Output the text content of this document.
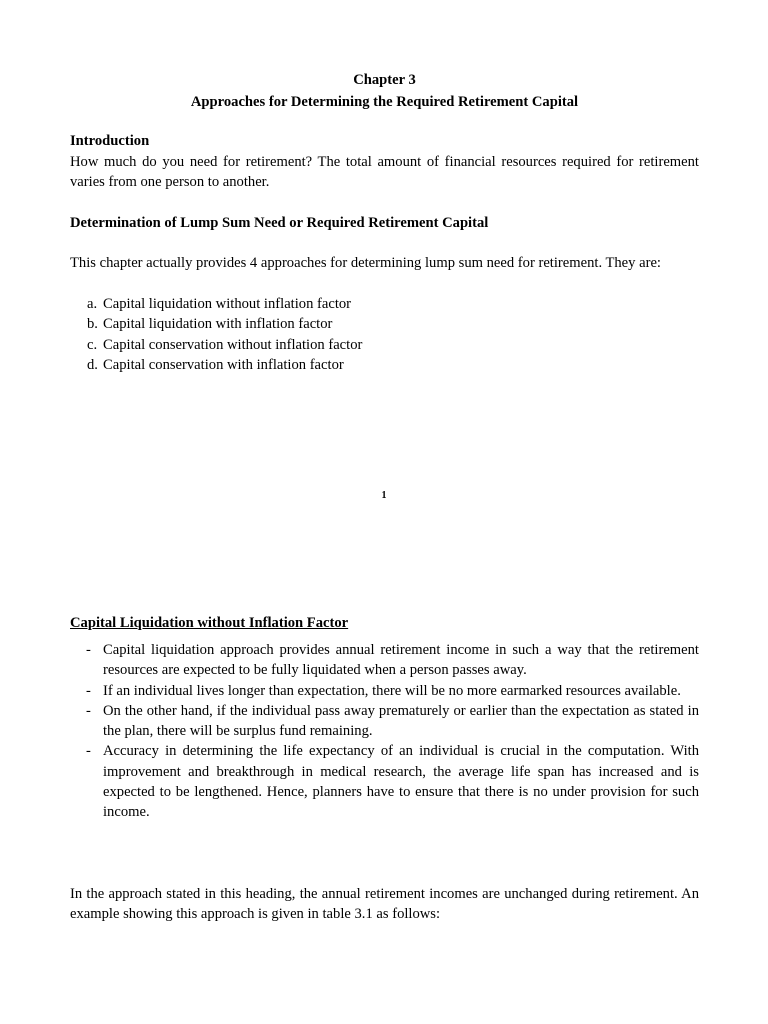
Chapter 3
Approaches for Determining the Required Retirement Capital
Introduction
How much do you need for retirement? The total amount of financial resources required for retirement varies from one person to another.
Determination of Lump Sum Need or Required Retirement Capital
This chapter actually provides 4 approaches for determining lump sum need for retirement. They are:
a. Capital liquidation without inflation factor
b. Capital liquidation with inflation factor
c. Capital conservation without inflation factor
d. Capital conservation with inflation factor
1
Capital Liquidation without Inflation Factor
- Capital liquidation approach provides annual retirement income in such a way that the retirement resources are expected to be fully liquidated when a person passes away.
- If an individual lives longer than expectation, there will be no more earmarked resources available.
- On the other hand, if the individual pass away prematurely or earlier than the expectation as stated in the plan, there will be surplus fund remaining.
- Accuracy in determining the life expectancy of an individual is crucial in the computation. With improvement and breakthrough in medical research, the average life span has increased and is expected to be lengthened. Hence, planners have to ensure that there is no under provision for such income.
In the approach stated in this heading, the annual retirement incomes are unchanged during retirement. An example showing this approach is given in table 3.1 as follows:
